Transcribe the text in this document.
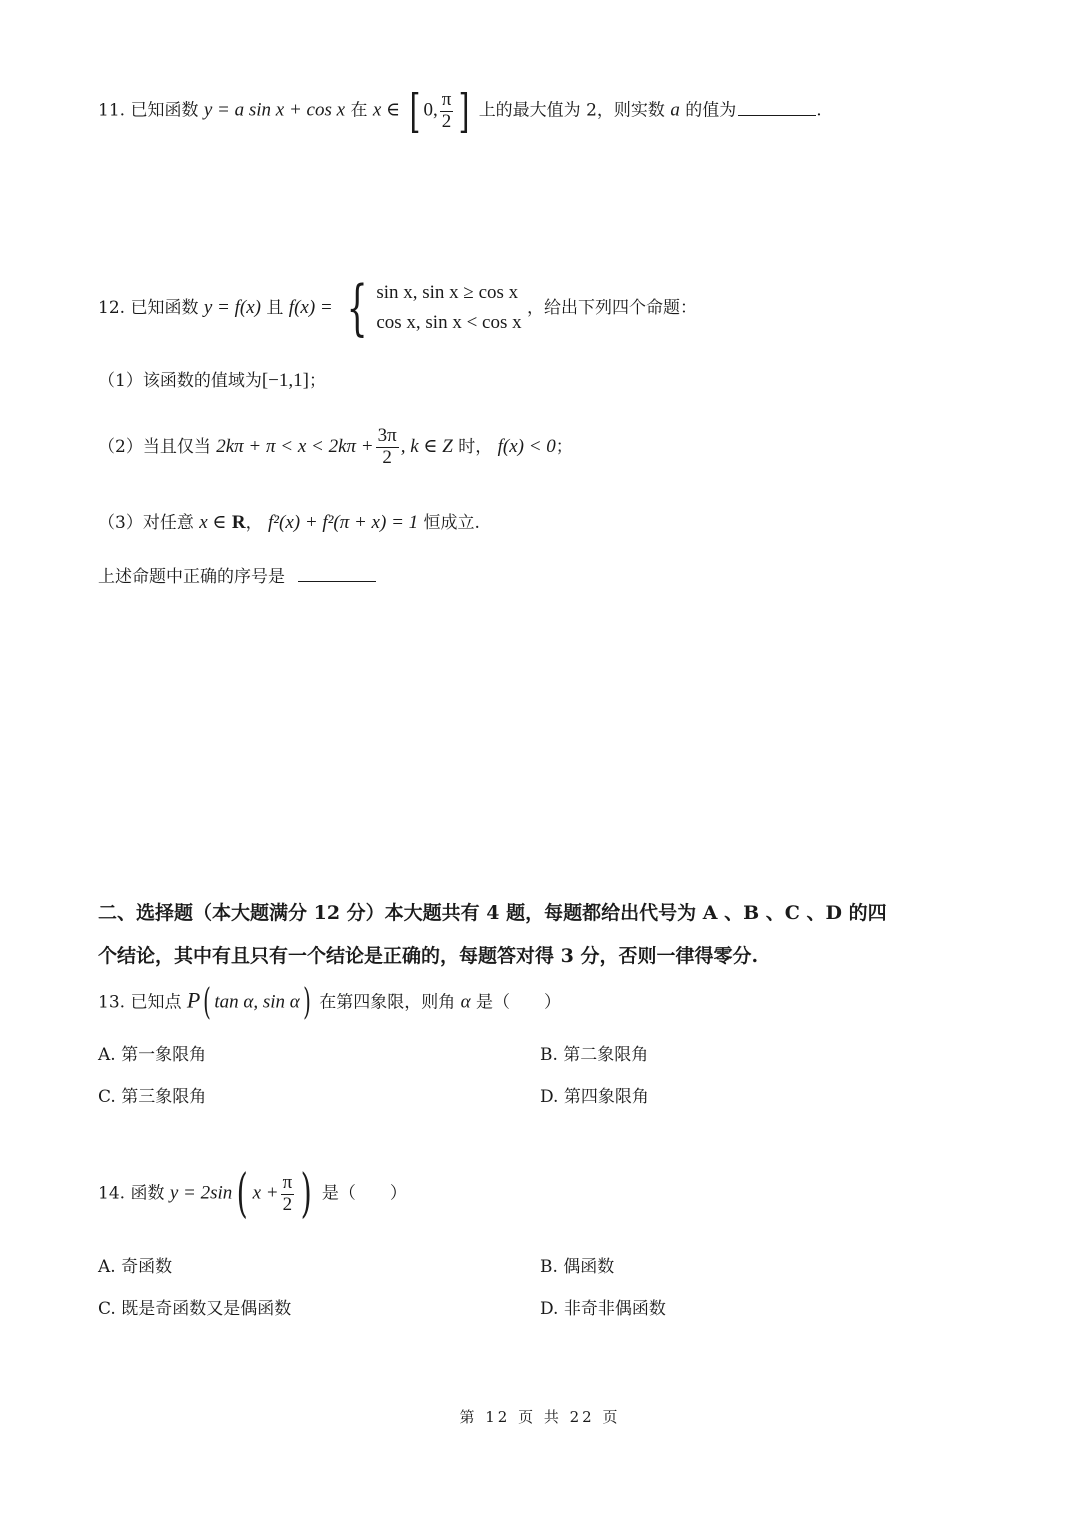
11. 已知函数 y = a sin x + cos x 在 x ∈ [ 0, $\frac{\pi}{2}$ ] 上的最大值为 2，则实数 a 的值为	.
12. 已知函数 y = f(x) 且 f(x) = { sin x, sin x ≥ cos x
cos x, sin x < cos x
，给出下列四个命题：
（1）该函数的值域为[−1,1]；
（2）当且仅当 $2k\pi + \pi < x < 2k\pi + \frac{3\pi}{2}$ , k ∈ Z 时， f(x) < 0；
（3）对任意 x ∈ R， f²(x) + f²(π + x) = 1 恒成立.
上述命题中正确的序号是
二、选择题（本大题满分 12 分）本大题共有 4 题，每题都给出代号为 A 、B 、C 、D 的四
个结论，其中有且只有一个结论是正确的，每题答对得 3 分，否则一律得零分.
13. 已知点 P( tan α, sin α) 在第四象限，则角 α 是（　　）
A. 第一象限角	B. 第二象限角
C. 第三象限角	D. 第四象限角
14. 函数 y = 2sin( $x + \frac{\pi}{2}$ ) 是（　　）
A. 奇函数	B. 偶函数
C. 既是奇函数又是偶函数	D. 非奇非偶函数
第 12 页 共 22 页
